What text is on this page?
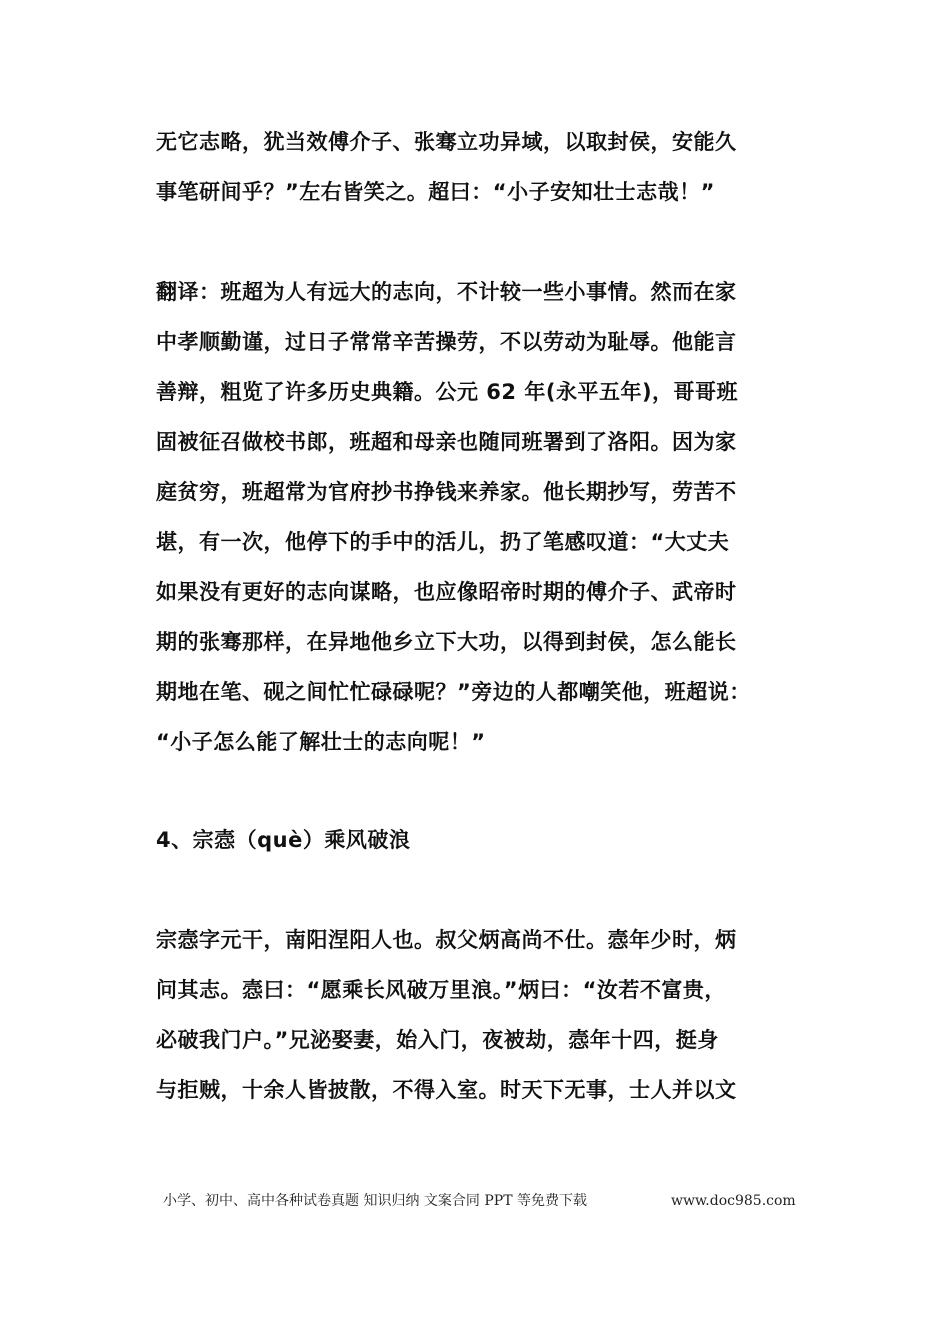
无它志略，犹当效傅介子、张骞立功异域，以取封侯，安能久
事笔研间乎？”左右皆笑之。超曰：“小子安知壮士志哉！”
翻译：班超为人有远大的志向，不计较一些小事情。然而在家
中孝顺勤谨，过日子常常辛苦操劳，不以劳动为耻辱。他能言
善辩，粗览了许多历史典籍。公元 62 年(永平五年)，哥哥班
固被征召做校书郎，班超和母亲也随同班署到了洛阳。因为家
庭贫穷，班超常为官府抄书挣钱来养家。他长期抄写，劳苦不
堪，有一次，他停下的手中的活儿，扔了笔感叹道：“大丈夫
如果没有更好的志向谋略，也应像昭帝时期的傅介子、武帝时
期的张骞那样，在异地他乡立下大功，以得到封侯，怎么能长
期地在笔、砚之间忙忙碌碌呢？”旁边的人都嘲笑他，班超说：
“小子怎么能了解壮士的志向呢！”
4、宗悫（què）乘风破浪
宗悫字元干，南阳涅阳人也。叔父炳高尚不仕。悫年少时，炳
问其志。悫曰：“愿乘长风破万里浪。”炳曰：“汝若不富贵，
必破我门户。”兄泌娶妻，始入门，夜被劫，悫年十四，挺身
与拒贼，十余人皆披散，不得入室。时天下无事，士人并以文
小学、初中、高中各种试卷真题 知识归纳 文案合同 PPT 等免费下载	www.doc985.com
